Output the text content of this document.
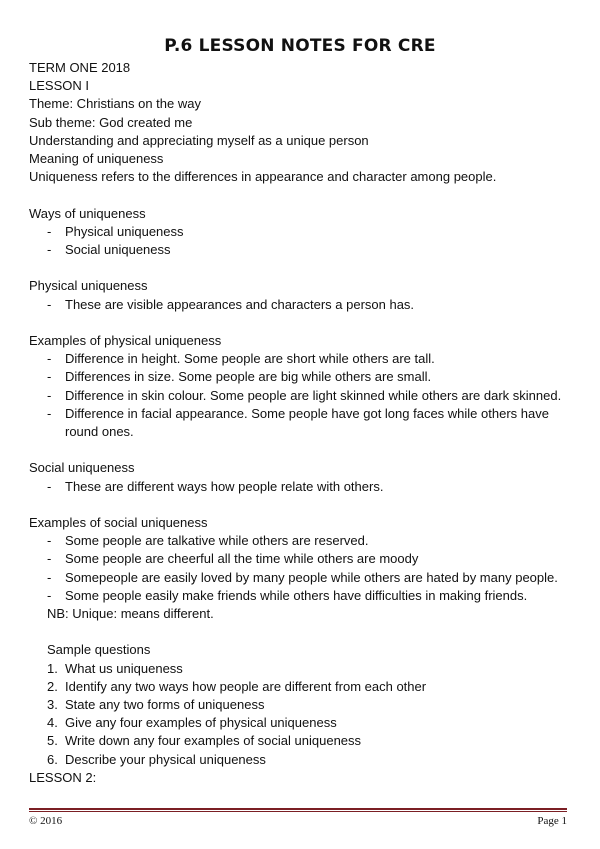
P.6 LESSON NOTES FOR CRE
TERM ONE 2018
LESSON I
Theme: Christians on the way
Sub theme: God created me
Understanding and appreciating myself as a unique person
Meaning of uniqueness
Uniqueness refers to the differences in appearance and character among people.
Ways of uniqueness
- Physical uniqueness
- Social uniqueness
Physical uniqueness
- These are visible appearances and characters a person has.
Examples of physical uniqueness
- Difference in height. Some people are short while others are tall.
- Differences in size. Some people are big while others are small.
- Difference in skin colour. Some people are light skinned while others are dark skinned.
- Difference in facial appearance. Some people have got long faces while others have round ones.
Social uniqueness
- These are different ways how people relate with others.
Examples of social uniqueness
- Some people are talkative while others are reserved.
- Some people are cheerful all the time while others are moody
- Somepeople are easily loved by many people while others are hated by many people.
- Some people easily make friends while others have difficulties in making friends.
NB: Unique: means different.
Sample questions
1. What us uniqueness
2. Identify any two ways how people are different from each other
3. State any two forms of uniqueness
4. Give any four examples of physical uniqueness
5. Write down any four examples of social uniqueness
6. Describe your physical uniqueness
LESSON 2:
© 2016	Page 1
